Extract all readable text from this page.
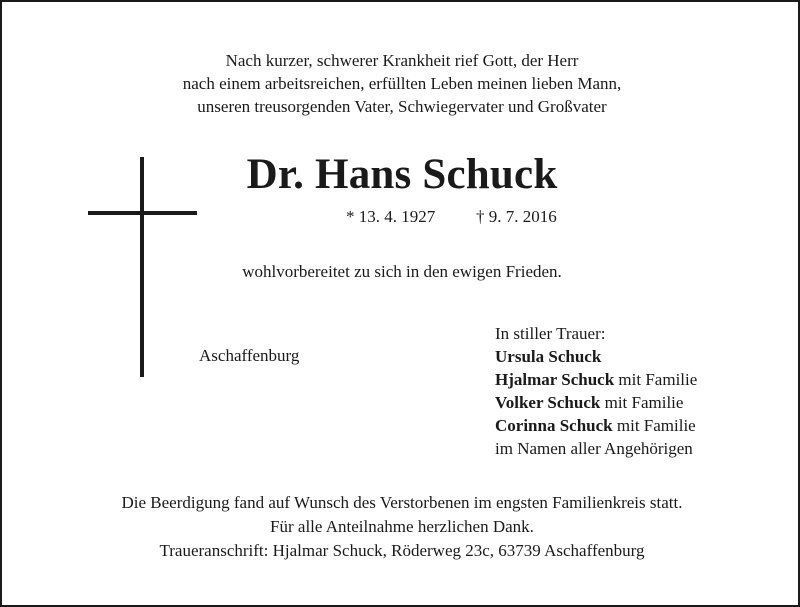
Nach kurzer, schwerer Krankheit rief Gott, der Herr
nach einem arbeitsreichen, erfüllten Leben meinen lieben Mann,
unseren treusorgenden Vater, Schwiegervater und Großvater
Dr. Hans Schuck
* 13. 4. 1927 † 9. 7. 2016
wohlvorbereitet zu sich in den ewigen Frieden.
Aschaffenburg
In stiller Trauer:
Ursula Schuck
Hjalmar Schuck mit Familie
Volker Schuck mit Familie
Corinna Schuck mit Familie
im Namen aller Angehörigen
Die Beerdigung fand auf Wunsch des Verstorbenen im engsten Familienkreis statt.
Für alle Anteilnahme herzlichen Dank.
Traueranschrift: Hjalmar Schuck, Röderweg 23c, 63739 Aschaffenburg
